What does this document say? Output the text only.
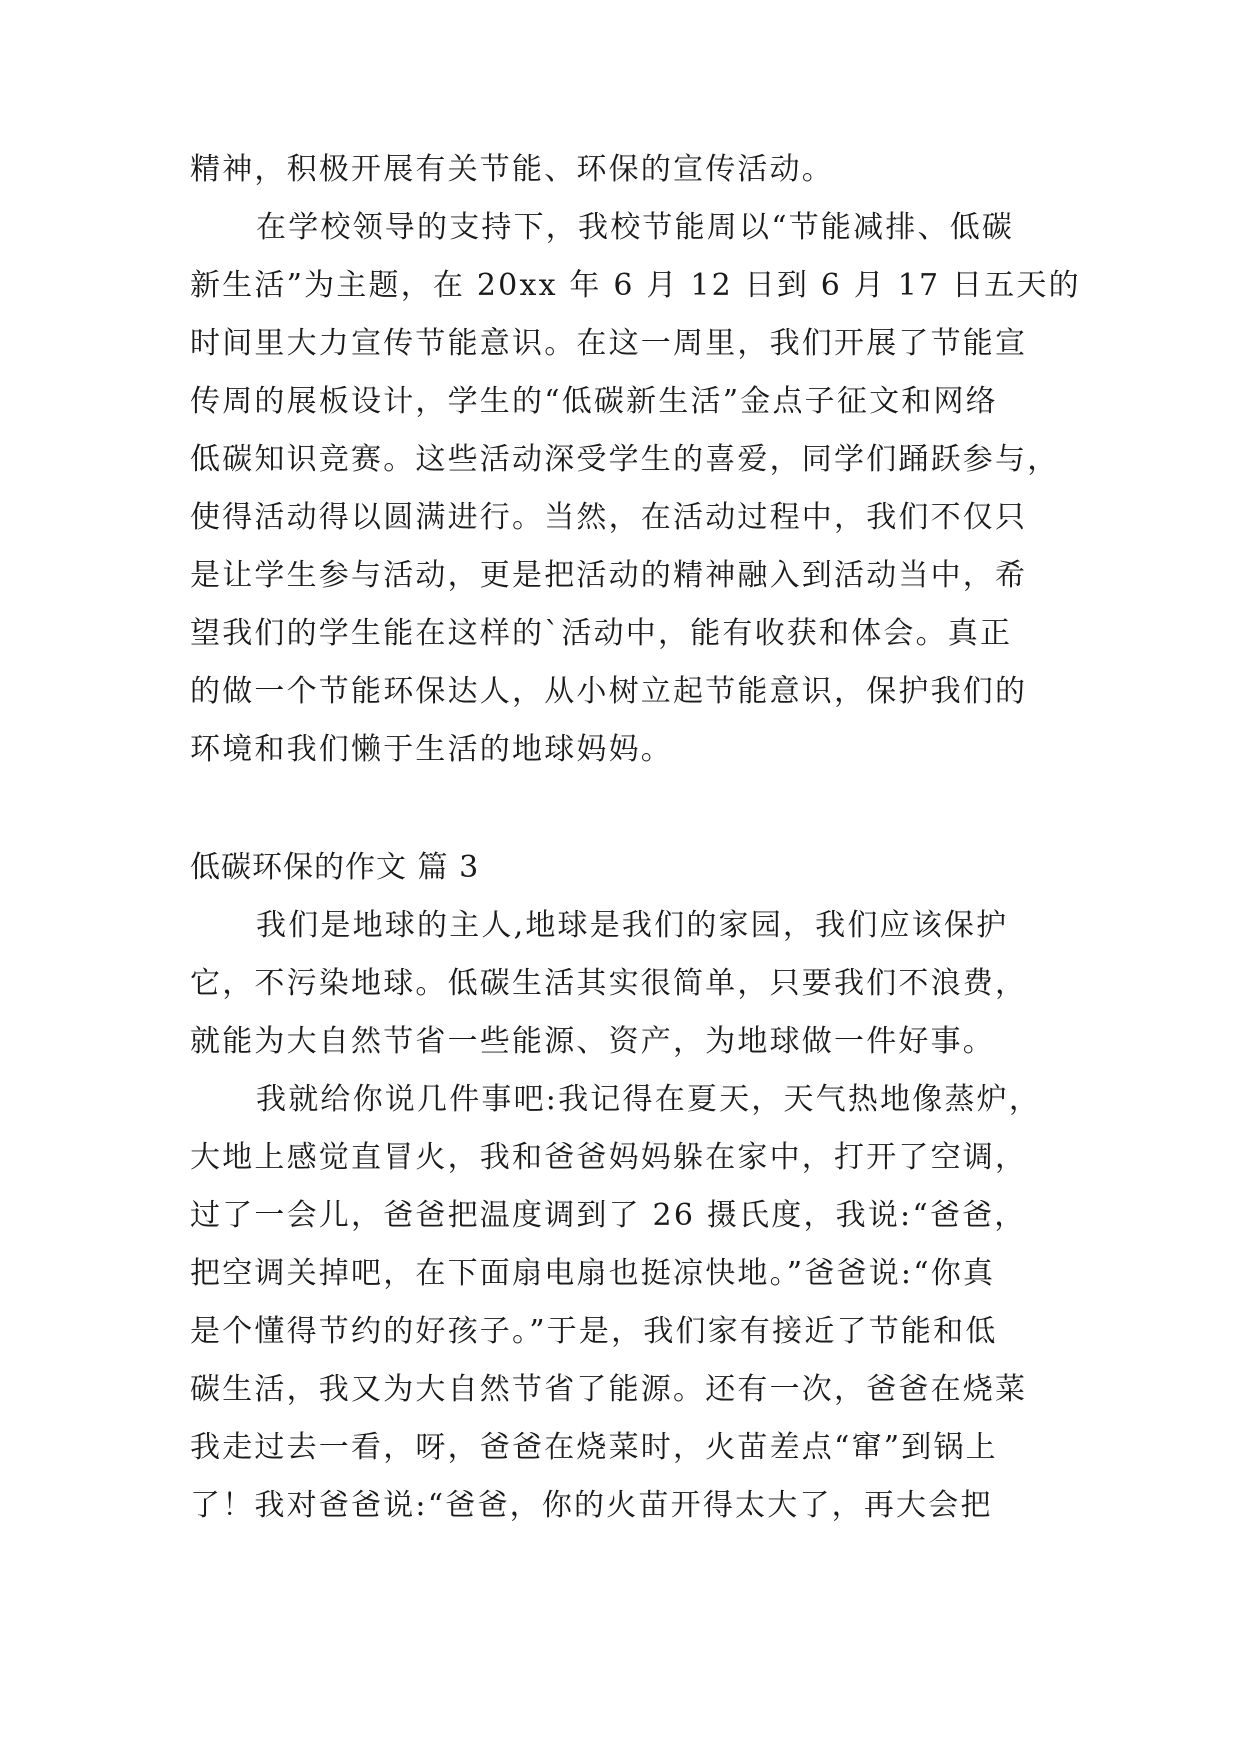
精神，积极开展有关节能、环保的宣传活动。
在学校领导的支持下，我校节能周以“节能减排、低碳
新生活”为主题，在 20xx 年 6 月 12 日到 6 月 17 日五天的
时间里大力宣传节能意识。在这一周里，我们开展了节能宣
传周的展板设计，学生的“低碳新生活”金点子征文和网络
低碳知识竞赛。这些活动深受学生的喜爱，同学们踊跃参与，
使得活动得以圆满进行。当然，在活动过程中，我们不仅只
是让学生参与活动，更是把活动的精神融入到活动当中，希
望我们的学生能在这样的`活动中，能有收获和体会。真正
的做一个节能环保达人，从小树立起节能意识，保护我们的
环境和我们懒于生活的地球妈妈。
低碳环保的作文 篇 3
我们是地球的主人,地球是我们的家园，我们应该保护
它，不污染地球。低碳生活其实很简单，只要我们不浪费，
就能为大自然节省一些能源、资产，为地球做一件好事。
我就给你说几件事吧:我记得在夏天，天气热地像蒸炉，
大地上感觉直冒火，我和爸爸妈妈躲在家中，打开了空调，
过了一会儿，爸爸把温度调到了 26 摄氏度，我说:“爸爸，
把空调关掉吧，在下面扇电扇也挺凉快地。”爸爸说:“你真
是个懂得节约的好孩子。”于是，我们家有接近了节能和低
碳生活，我又为大自然节省了能源。还有一次，爸爸在烧菜
我走过去一看，呀，爸爸在烧菜时，火苗差点“窜”到锅上
了！我对爸爸说:“爸爸，你的火苗开得太大了，再大会把
